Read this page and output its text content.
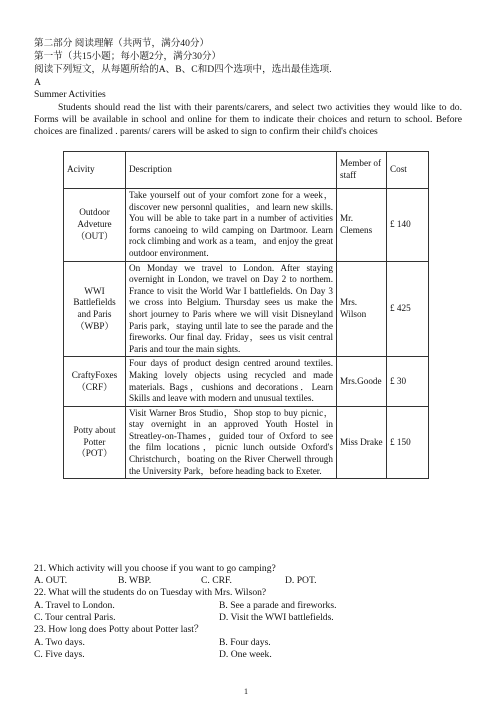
第二部分 阅读理解（共两节，满分40分）
第一节（共15小题；每小题2分，满分30分）
阅读下列短文，从每题所给的A、B、C和D四个选项中，选出最佳选项.
A
Summer Activities
Students should read the list with their parents/carers, and select two activities they would like to do. Forms will be available in school and online for them to indicate their choices and return to school. Before choices are finalized . parents/ carers will be asked to sign to confirm their child's choices
Acivity	Description	Member of staff	Cost
Outdoor Adveture （OUT）	Take yourself out of your comfort zone for a week， discover new personnl qualities，and learn new skills. You will be able to take part in a number of activities forms canoeing to wild camping on Dartmoor. Learn rock climbing and work as a team，and enjoy the great outdoor environment.	Mr. Clemens	£ 140
WWI Battlefields and Paris （WBP）	On Monday we travel to London. After staying overnight in London, we travel on Day 2 to northem. France to visit the World War I battlefields. On Day 3 we cross into Belgium. Thursday sees us make the short journey to Paris where we will visit Disneyland Paris park，staying until late to see the parade and the fireworks. Our final day. Friday，sees us visit central Paris and tour the main sights.	Mrs. Wilson	£ 425
CraftyFoxes （CRF）	Four days of product design centred around textiles. Making lovely objects using recycled and made materials. Bags，cushions and decorations．Learn Skills and leave with modern and unusual textiles.	Mrs.Goode	£ 30
Potty about Potter （POT）	Visit Warner Bros Studio，Shop stop to buy picnic，stay overnight in an approved Youth Hostel in Streatley-on-Thames，guided tour of Oxford to see the film locations，picnic lunch outside Oxford's Christchurch，boating on the River Cherwell through the University Park，before heading back to Exeter.	Miss Drake	£ 150
21. Which activity will you choose if you want to go camping?
A. OUT.	B. WBP.	C. CRF.	D. POT.
22. What will the students do on Tuesday with Mrs. Wilson?
A. Travel to London.	B. See a parade and fireworks.
C. Tour central Paris.	D. Visit the WWI battlefields.
23. How long does Potty about Potter last？
A. Two days.	B. Four days.
C. Five days.	D. One week.
1
